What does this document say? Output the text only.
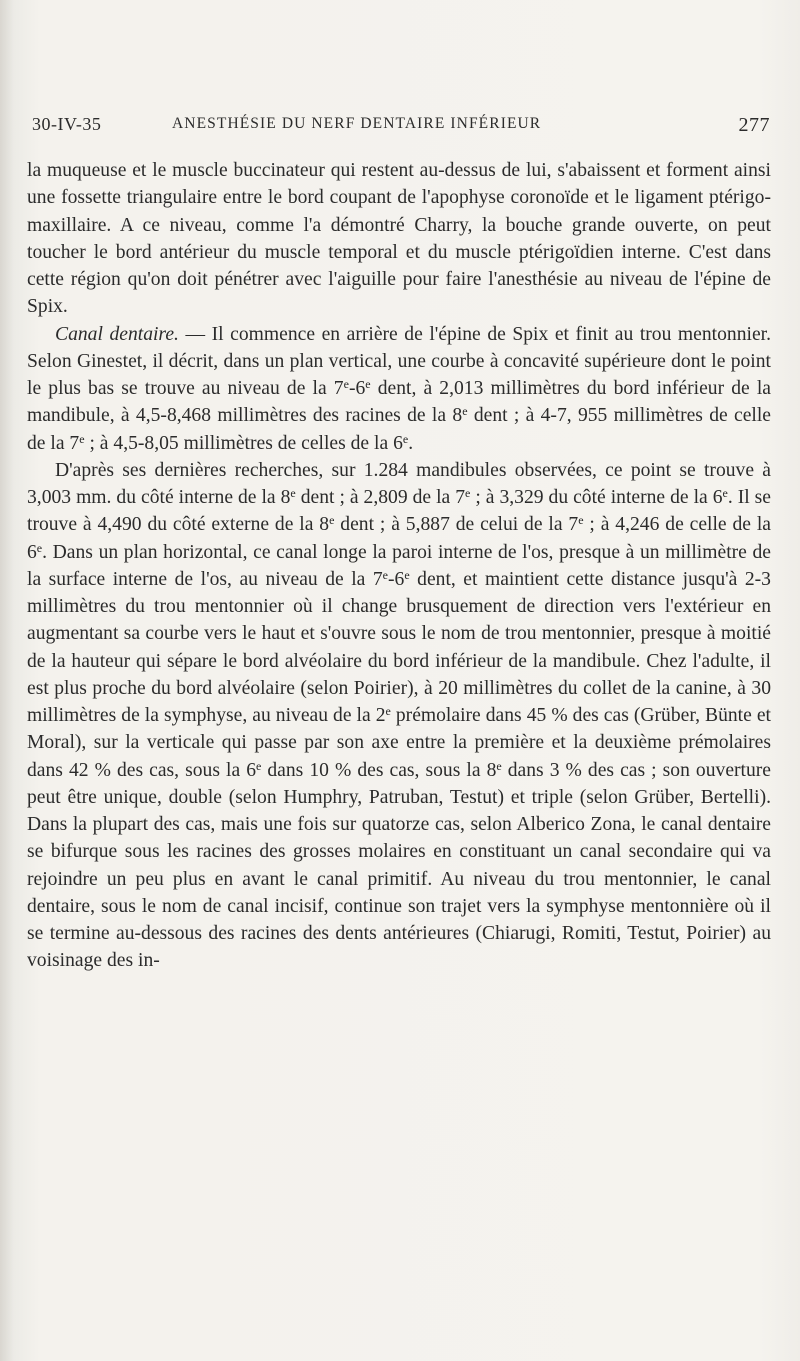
30-IV-35	ANESTHÉSIE DU NERF DENTAIRE INFÉRIEUR	277

la muqueuse et le muscle buccinateur qui restent au-dessus de lui, s'abaissent et forment ainsi une fossette triangulaire entre le bord coupant de l'apophyse coronoïde et le ligament ptérigo-maxillaire. A ce niveau, comme l'a démontré Charry, la bouche grande ouverte, on peut toucher le bord antérieur du muscle temporal et du muscle ptérigoïdien interne. C'est dans cette région qu'on doit pénétrer avec l'aiguille pour faire l'anesthésie au niveau de l'épine de Spix.

Canal dentaire. — Il commence en arrière de l'épine de Spix et finit au trou mentonnier. Selon Ginestet, il décrit, dans un plan vertical, une courbe à concavité supérieure dont le point le plus bas se trouve au niveau de la 7e-6e dent, à 2,013 millimètres du bord inférieur de la mandibule, à 4,5-8,468 millimètres des racines de la 8e dent ; à 4-7, 955 millimètres de celle de la 7e ; à 4,5-8,05 millimètres de celles de la 6e.

D'après ses dernières recherches, sur 1.284 mandibules observées, ce point se trouve à 3,003 mm. du côté interne de la 8e dent ; à 2,809 de la 7e ; à 3,329 du côté interne de la 6e. Il se trouve à 4,490 du côté externe de la 8e dent ; à 5,887 de celui de la 7e ; à 4,246 de celle de la 6e. Dans un plan horizontal, ce canal longe la paroi interne de l'os, presque à un millimètre de la surface interne de l'os, au niveau de la 7e-6e dent, et maintient cette distance jusqu'à 2-3 millimètres du trou mentonnier où il change brusquement de direction vers l'extérieur en augmentant sa courbe vers le haut et s'ouvre sous le nom de trou mentonnier, presque à moitié de la hauteur qui sépare le bord alvéolaire du bord inférieur de la mandibule. Chez l'adulte, il est plus proche du bord alvéolaire (selon Poirier), à 20 millimètres du collet de la canine, à 30 millimètres de la symphyse, au niveau de la 2e prémolaire dans 45 % des cas (Grüber, Bünte et Moral), sur la verticale qui passe par son axe entre la première et la deuxième prémolaires dans 42 % des cas, sous la 6e dans 10 % des cas, sous la 8e dans 3 % des cas ; son ouverture peut être unique, double (selon Humphry, Patruban, Testut) et triple (selon Grüber, Bertelli). Dans la plupart des cas, mais une fois sur quatorze cas, selon Alberico Zona, le canal dentaire se bifurque sous les racines des grosses molaires en constituant un canal secondaire qui va rejoindre un peu plus en avant le canal primitif. Au niveau du trou mentonnier, le canal dentaire, sous le nom de canal incisif, continue son trajet vers la symphyse mentonnière où il se termine au-dessous des racines des dents antérieures (Chiarugi, Romiti, Testut, Poirier) au voisinage des in-
